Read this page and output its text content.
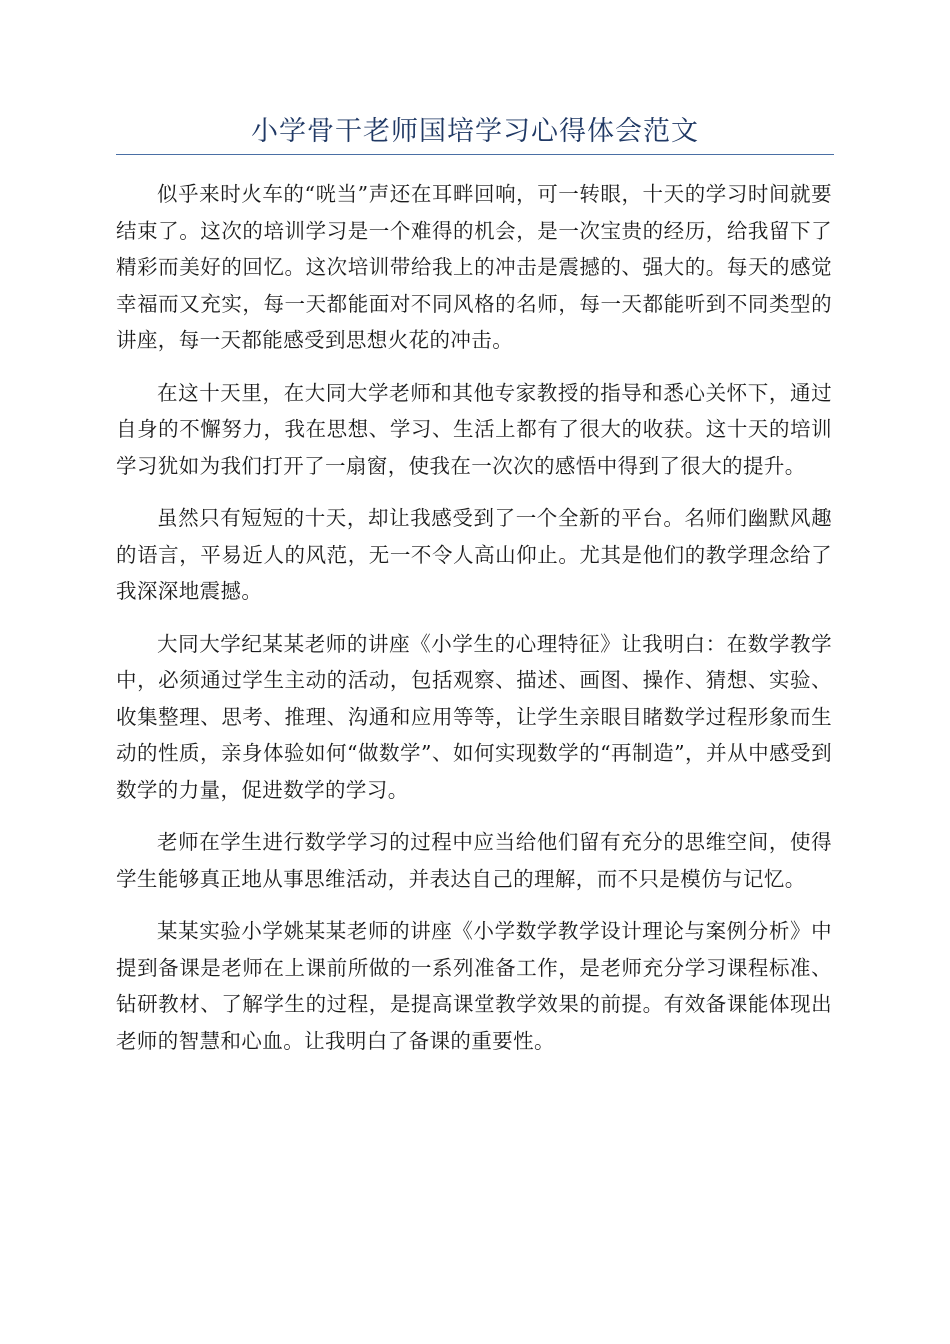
小学骨干老师国培学习心得体会范文

似乎来时火车的“咣当”声还在耳畔回响，可一转眼，十天的学习时间就要结束了。这次的培训学习是一个难得的机会，是一次宝贵的经历，给我留下了精彩而美好的回忆。这次培训带给我上的冲击是震撼的、强大的。每天的感觉幸福而又充实，每一天都能面对不同风格的名师，每一天都能听到不同类型的讲座，每一天都能感受到思想火花的冲击。

在这十天里，在大同大学老师和其他专家教授的指导和悉心关怀下，通过自身的不懈努力，我在思想、学习、生活上都有了很大的收获。这十天的培训学习犹如为我们打开了一扇窗，使我在一次次的感悟中得到了很大的提升。

虽然只有短短的十天，却让我感受到了一个全新的平台。名师们幽默风趣的语言，平易近人的风范，无一不令人高山仰止。尤其是他们的教学理念给了我深深地震撼。

大同大学纪某某老师的讲座《小学生的心理特征》让我明白：在数学教学中，必须通过学生主动的活动，包括观察、描述、画图、操作、猜想、实验、收集整理、思考、推理、沟通和应用等等，让学生亲眼目睹数学过程形象而生动的性质，亲身体验如何“做数学”、如何实现数学的“再制造”，并从中感受到数学的力量，促进数学的学习。

老师在学生进行数学学习的过程中应当给他们留有充分的思维空间，使得学生能够真正地从事思维活动，并表达自己的理解，而不只是模仿与记忆。

某某实验小学姚某某老师的讲座《小学数学教学设计理论与案例分析》中提到备课是老师在上课前所做的一系列准备工作，是老师充分学习课程标准、钻研教材、了解学生的过程，是提高课堂教学效果的前提。有效备课能体现出老师的智慧和心血。让我明白了备课的重要性。
